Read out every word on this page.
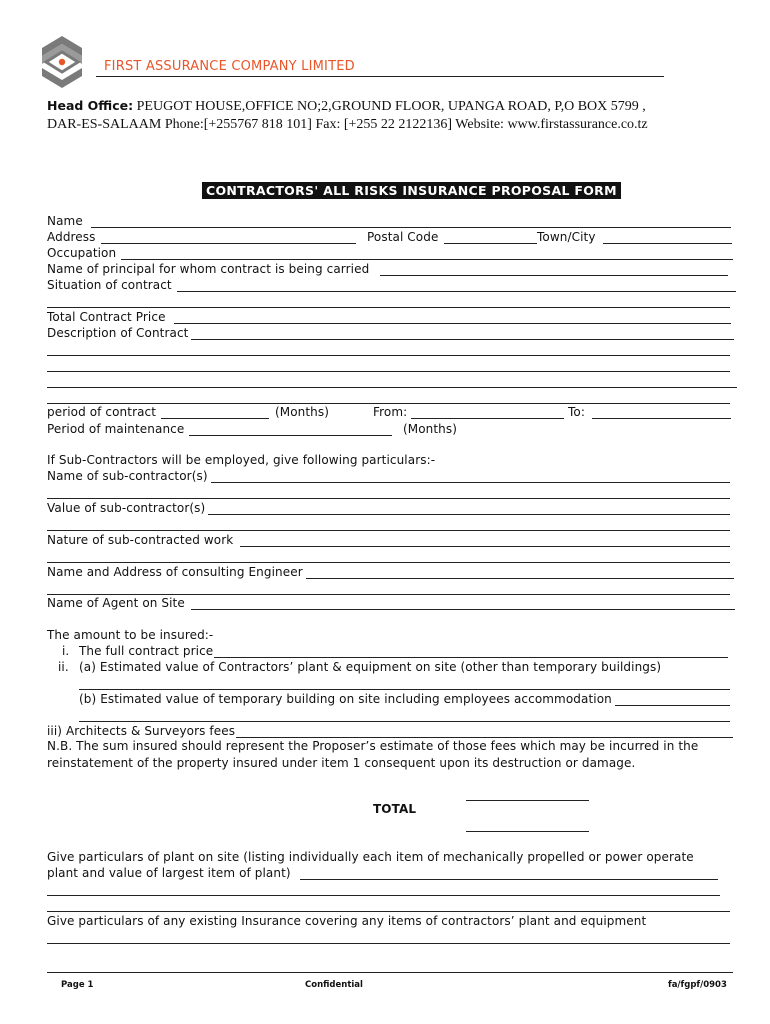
FIRST ASSURANCE COMPANY LIMITED
Head Office: PEUGOT HOUSE,OFFICE NO;2,GROUND FLOOR, UPANGA ROAD, P,O BOX 5799 ,
DAR-ES-SALAAM Phone:[+255767 818 101] Fax: [+255 22 2122136] Website: www.firstassurance.co.tz
CONTRACTORS' ALL RISKS INSURANCE PROPOSAL FORM
Name
Address	Postal Code	Town/City
Occupation
Name of principal for whom contract is being carried
Situation of contract
Total Contract Price
Description of Contract
period of contract	(Months)	From:	To:
Period of maintenance	(Months)
If Sub-Contractors will be employed, give following particulars:-
Name of sub-contractor(s)
Value of sub-contractor(s)
Nature of sub-contracted work
Name and Address of consulting Engineer
Name of Agent on Site
The amount to be insured:-
i. The full contract price
ii. (a) Estimated value of Contractors’ plant & equipment on site (other than temporary buildings)
(b) Estimated value of temporary building on site including employees accommodation
iii) Architects & Surveyors fees
N.B. The sum insured should represent the Proposer’s estimate of those fees which may be incurred in the
reinstatement of the property insured under item 1 consequent upon its destruction or damage.
TOTAL
Give particulars of plant on site (listing individually each item of mechanically propelled or power operate
plant and value of largest item of plant)
Give particulars of any existing Insurance covering any items of contractors’ plant and equipment
Page 1	Confidential	fa/fgpf/0903
